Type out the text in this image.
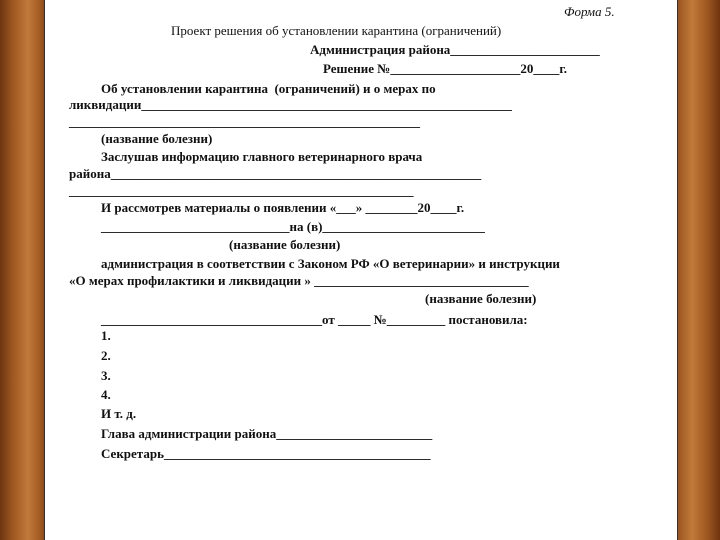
Форма 5.
Проект решения об установлении карантина (ограничений)
Администрация района_______________________
Решение №____________________20____г.
Об установлении карантина  (ограничений) и о мерах по
ликвидации_________________________________________________________
______________________________________________________
(название болезни)
Заслушав информацию главного ветеринарного врача
района_________________________________________________________
_____________________________________________________
И рассмотрев материалы о появлении «___» ________20____г.
_____________________________на (в)_________________________
(название болезни)
администрация в соответствии с Законом РФ «О ветеринарии» и инструкции
«О мерах профилактики и ликвидации » _________________________________
(название болезни)
__________________________________от _____ №_________ постановила:
1.
2.
3.
4.
И т. д.
Глава администрации района________________________
Секретарь_________________________________________
